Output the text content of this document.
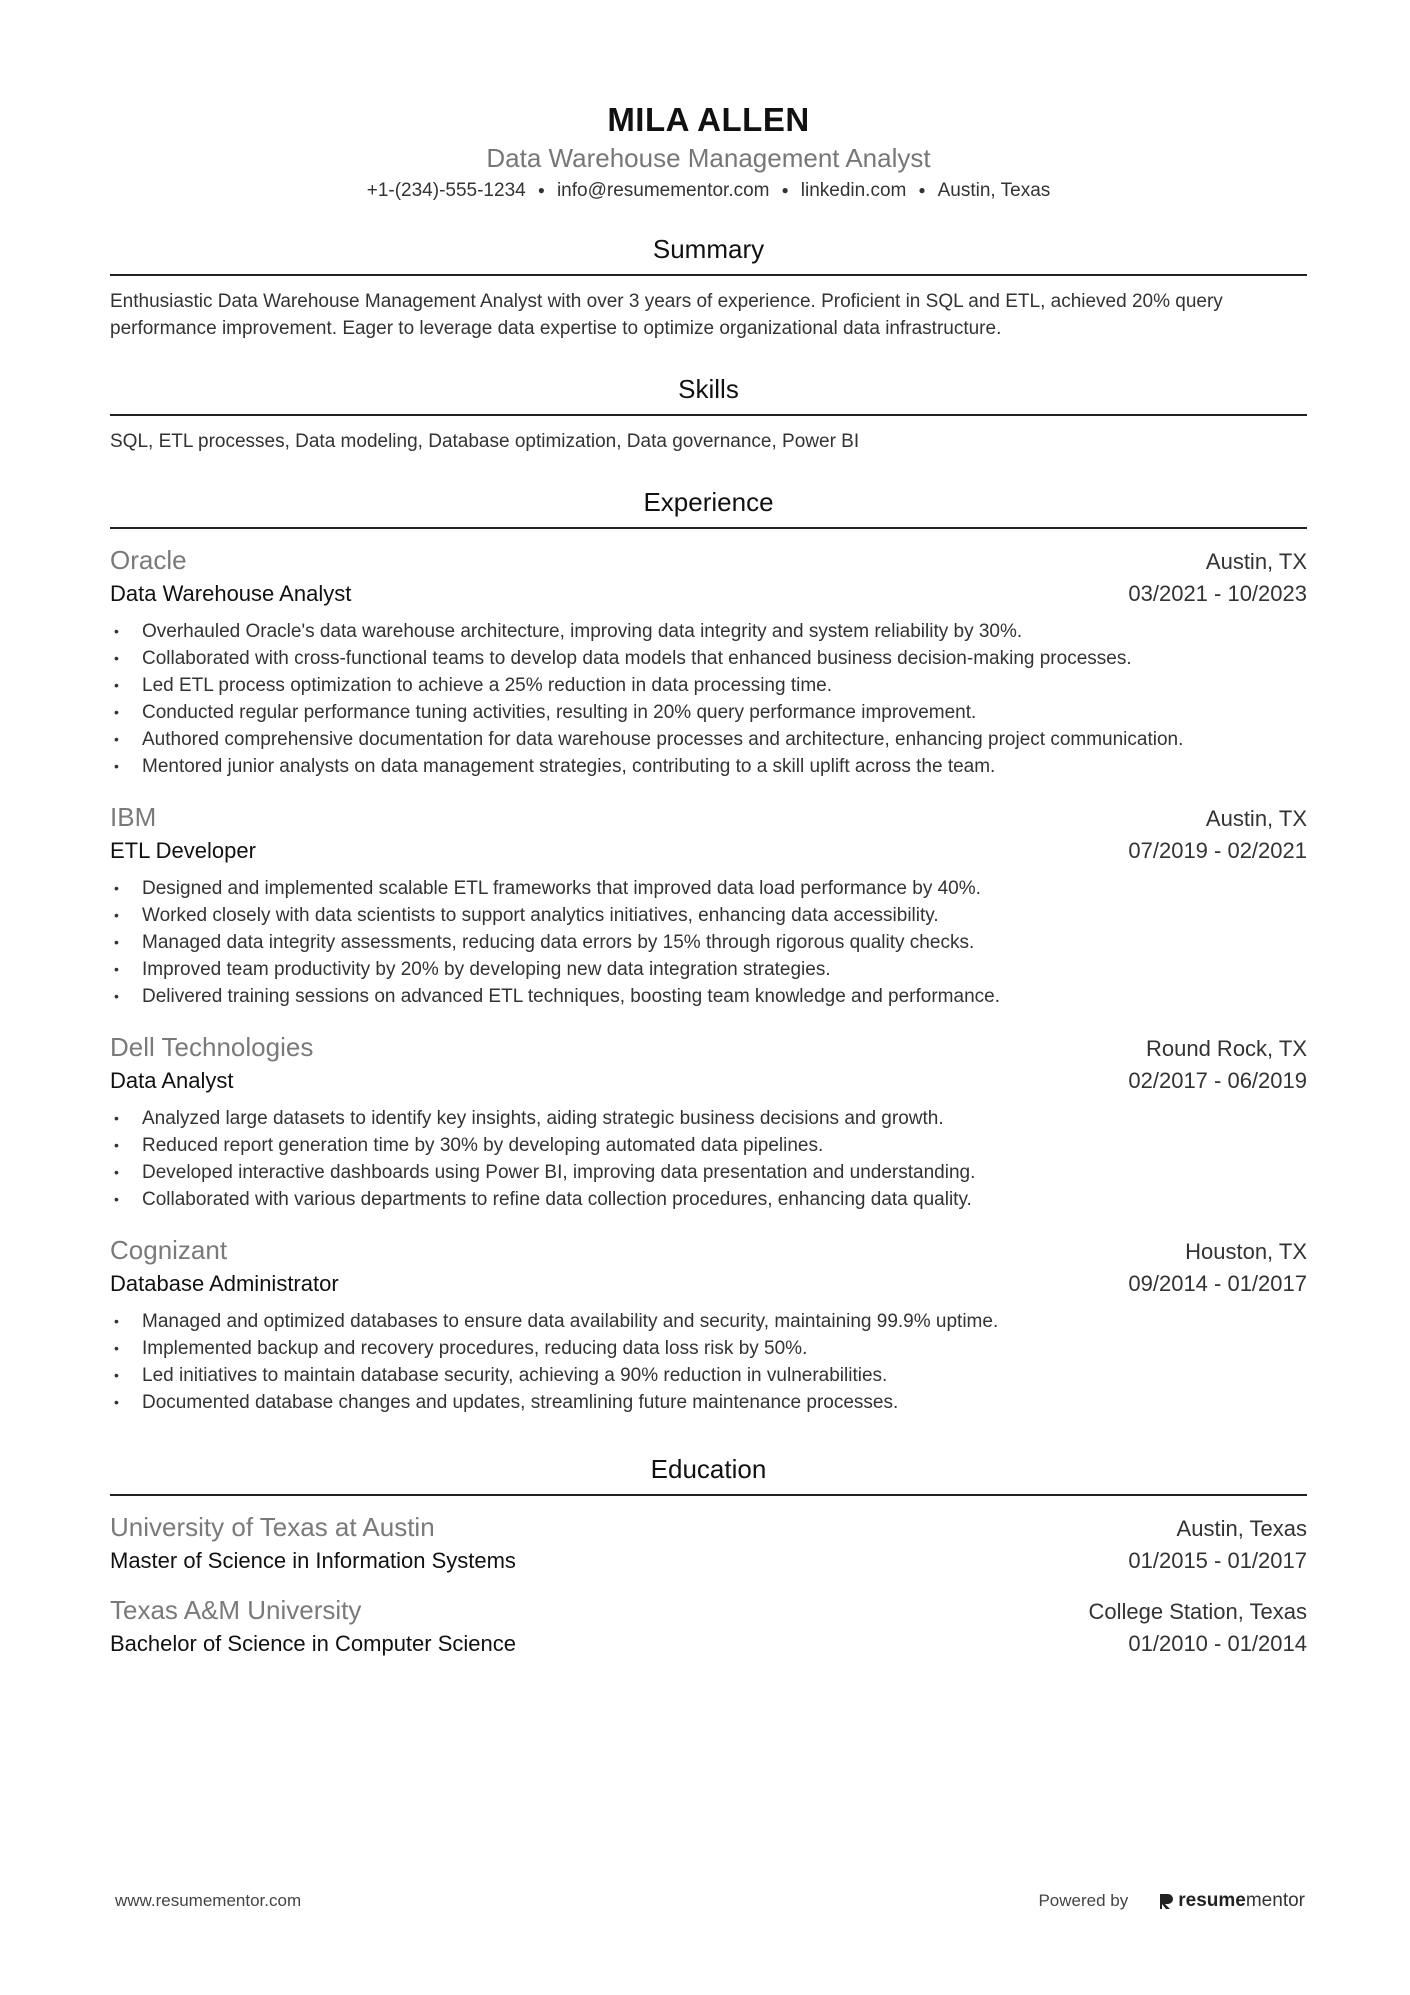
MILA ALLEN
Data Warehouse Management Analyst
+1-(234)-555-1234 ● info@resumementor.com ● linkedin.com ● Austin, Texas
Summary
Enthusiastic Data Warehouse Management Analyst with over 3 years of experience. Proficient in SQL and ETL, achieved 20% query performance improvement. Eager to leverage data expertise to optimize organizational data infrastructure.
Skills
SQL, ETL processes, Data modeling, Database optimization, Data governance, Power BI
Experience
Oracle	Austin, TX
Data Warehouse Analyst	03/2021 - 10/2023
• Overhauled Oracle's data warehouse architecture, improving data integrity and system reliability by 30%.
• Collaborated with cross-functional teams to develop data models that enhanced business decision-making processes.
• Led ETL process optimization to achieve a 25% reduction in data processing time.
• Conducted regular performance tuning activities, resulting in 20% query performance improvement.
• Authored comprehensive documentation for data warehouse processes and architecture, enhancing project communication.
• Mentored junior analysts on data management strategies, contributing to a skill uplift across the team.
IBM	Austin, TX
ETL Developer	07/2019 - 02/2021
• Designed and implemented scalable ETL frameworks that improved data load performance by 40%.
• Worked closely with data scientists to support analytics initiatives, enhancing data accessibility.
• Managed data integrity assessments, reducing data errors by 15% through rigorous quality checks.
• Improved team productivity by 20% by developing new data integration strategies.
• Delivered training sessions on advanced ETL techniques, boosting team knowledge and performance.
Dell Technologies	Round Rock, TX
Data Analyst	02/2017 - 06/2019
• Analyzed large datasets to identify key insights, aiding strategic business decisions and growth.
• Reduced report generation time by 30% by developing automated data pipelines.
• Developed interactive dashboards using Power BI, improving data presentation and understanding.
• Collaborated with various departments to refine data collection procedures, enhancing data quality.
Cognizant	Houston, TX
Database Administrator	09/2014 - 01/2017
• Managed and optimized databases to ensure data availability and security, maintaining 99.9% uptime.
• Implemented backup and recovery procedures, reducing data loss risk by 50%.
• Led initiatives to maintain database security, achieving a 90% reduction in vulnerabilities.
• Documented database changes and updates, streamlining future maintenance processes.
Education
University of Texas at Austin	Austin, Texas
Master of Science in Information Systems	01/2015 - 01/2017
Texas A&M University	College Station, Texas
Bachelor of Science in Computer Science	01/2010 - 01/2014
www.resumementor.com	Powered by	resume mentor
